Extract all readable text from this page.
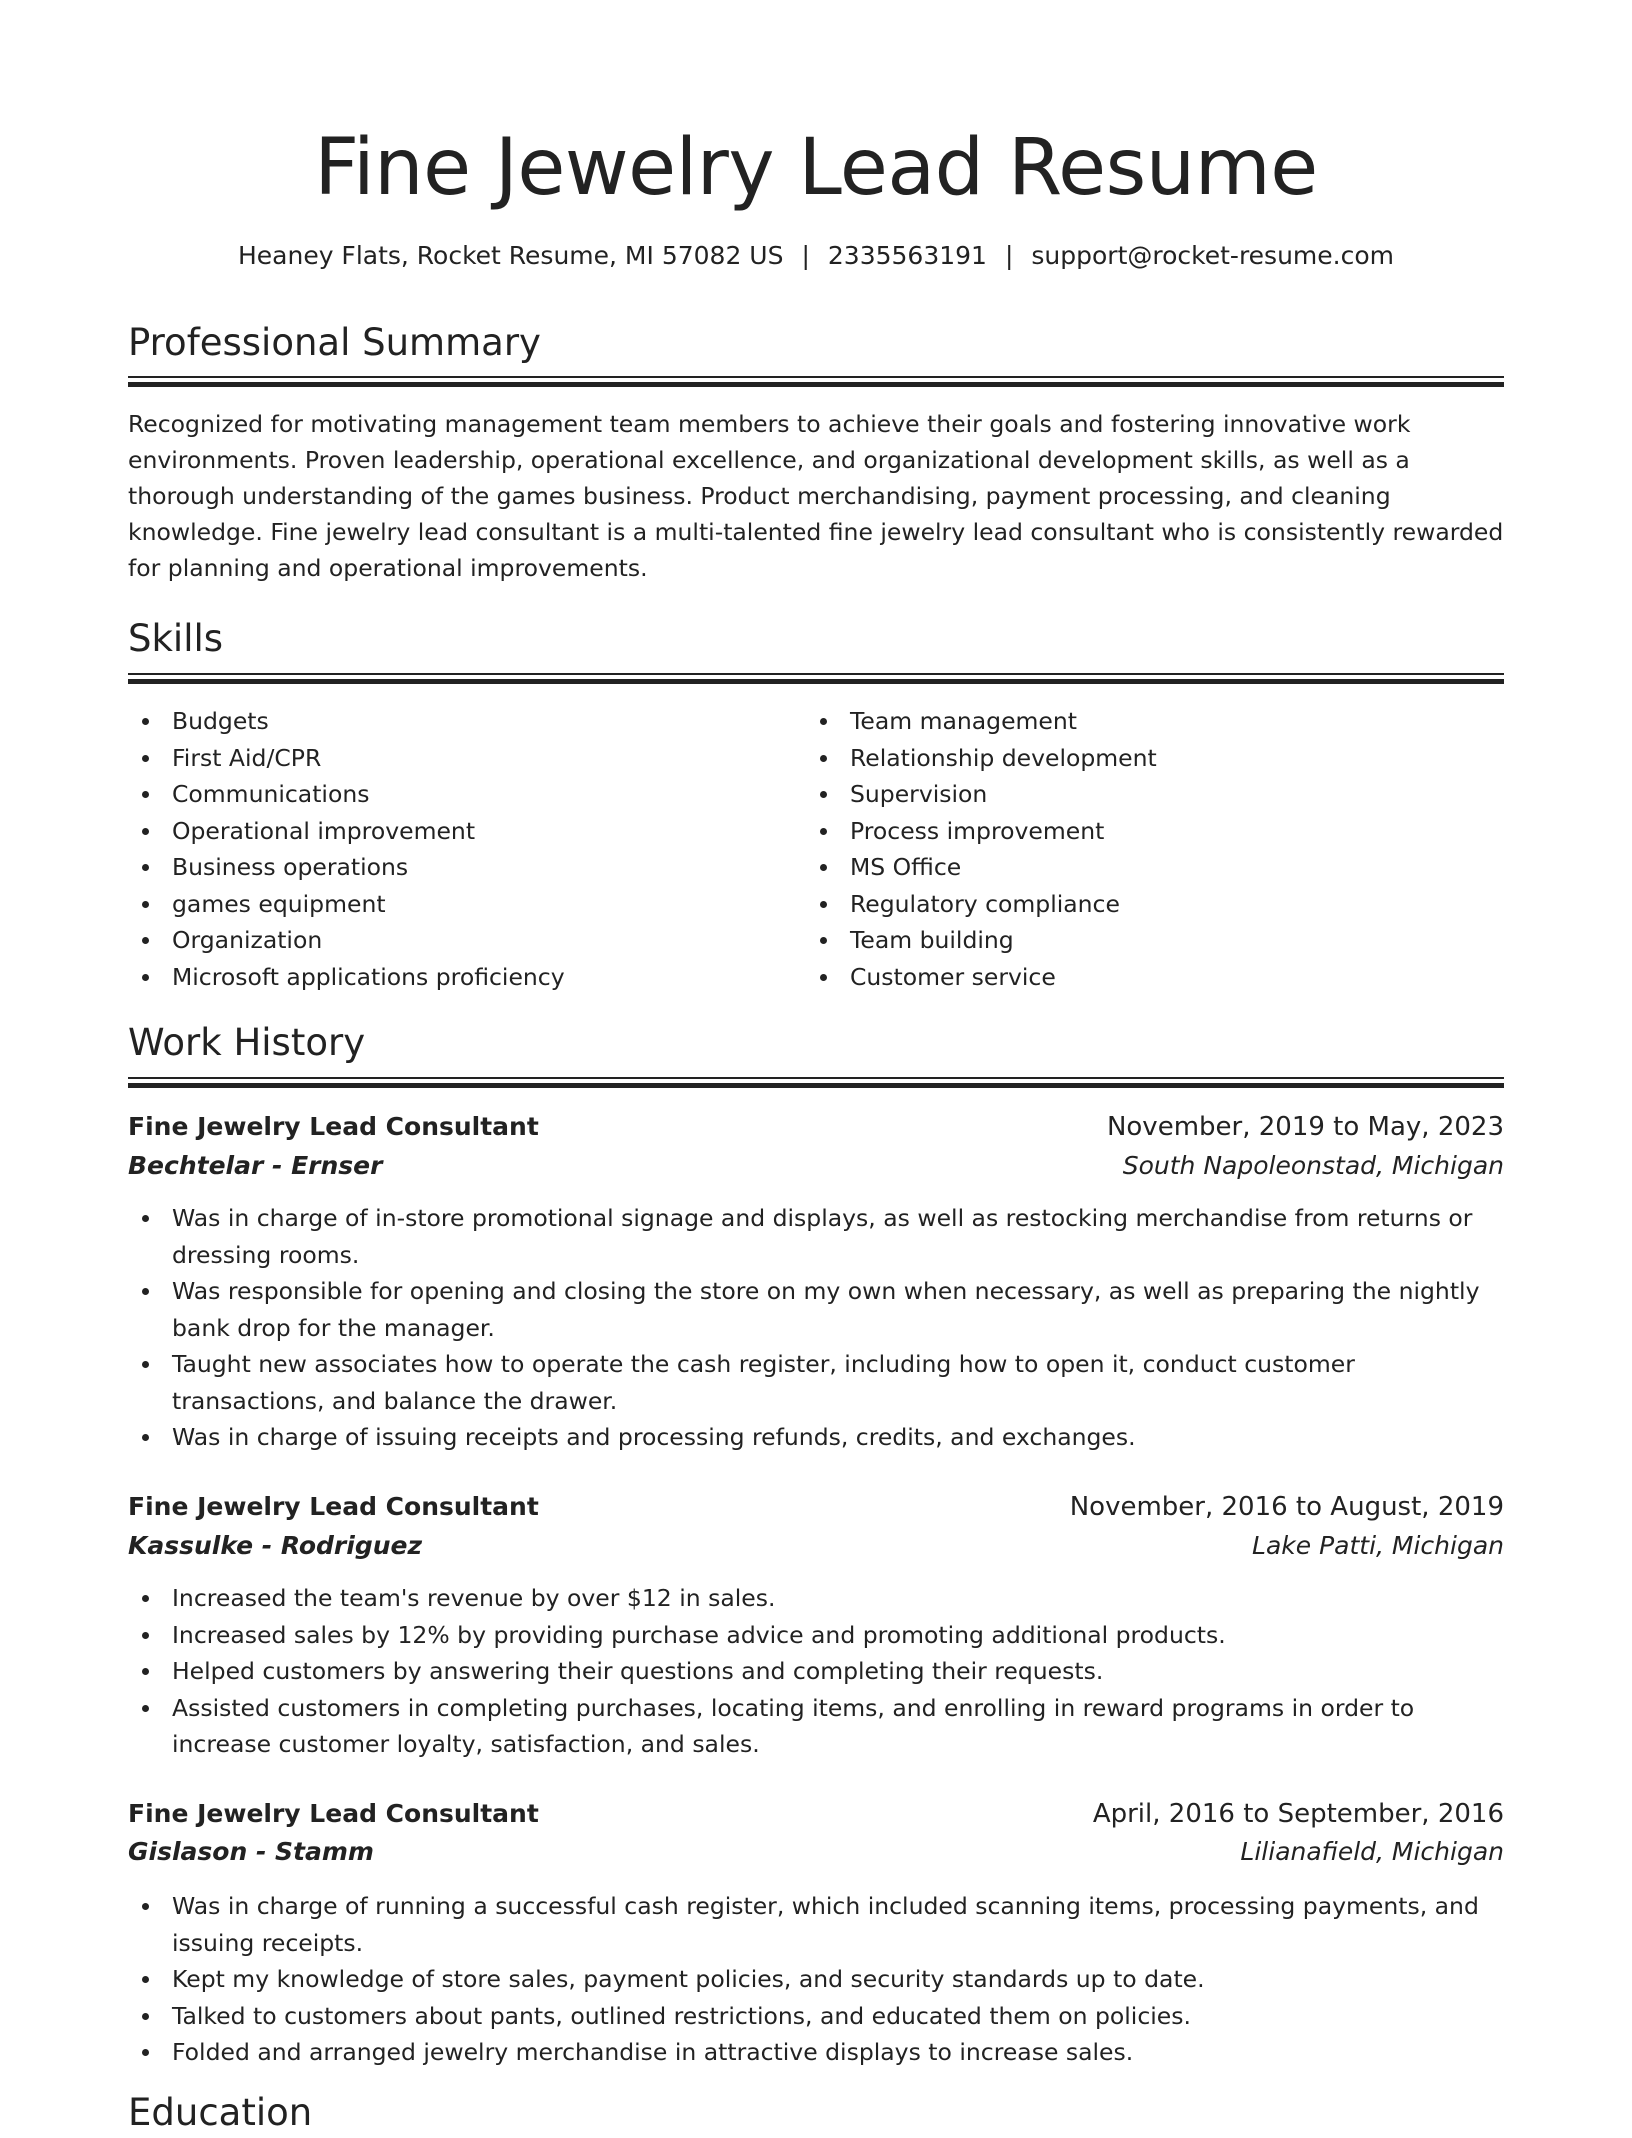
Fine Jewelry Lead Resume
Heaney Flats, Rocket Resume, MI 57082 US | 2335563191 | support@rocket-resume.com
Professional Summary

Recognized for motivating management team members to achieve their goals and fostering innovative work environments. Proven leadership, operational excellence, and organizational development skills, as well as a thorough understanding of the games business. Product merchandising, payment processing, and cleaning knowledge. Fine jewelry lead consultant is a multi-talented fine jewelry lead consultant who is consistently rewarded for planning and operational improvements.

Skills
Budgets
First Aid/CPR
Communications
Operational improvement
Business operations
games equipment
Organization
Microsoft applications proficiency
Team management
Relationship development
Supervision
Process improvement
MS Office
Regulatory compliance
Team building
Customer service
Work History
Fine Jewelry Lead Consultant	November, 2019 to May, 2023
Bechtelar - Ernser	South Napoleonstad, Michigan
Was in charge of in-store promotional signage and displays, as well as restocking merchandise from returns or dressing rooms.
Was responsible for opening and closing the store on my own when necessary, as well as preparing the nightly bank drop for the manager.
Taught new associates how to operate the cash register, including how to open it, conduct customer transactions, and balance the drawer.
Was in charge of issuing receipts and processing refunds, credits, and exchanges.
Fine Jewelry Lead Consultant	November, 2016 to August, 2019
Kassulke - Rodriguez	Lake Patti, Michigan
Increased the team's revenue by over $12 in sales.
Increased sales by 12% by providing purchase advice and promoting additional products.
Helped customers by answering their questions and completing their requests.
Assisted customers in completing purchases, locating items, and enrolling in reward programs in order to increase customer loyalty, satisfaction, and sales.
Fine Jewelry Lead Consultant	April, 2016 to September, 2016
Gislason - Stamm	Lilianafield, Michigan
Was in charge of running a successful cash register, which included scanning items, processing payments, and issuing receipts.
Kept my knowledge of store sales, payment policies, and security standards up to date.
Talked to customers about pants, outlined restrictions, and educated them on policies.
Folded and arranged jewelry merchandise in attractive displays to increase sales.
Education
